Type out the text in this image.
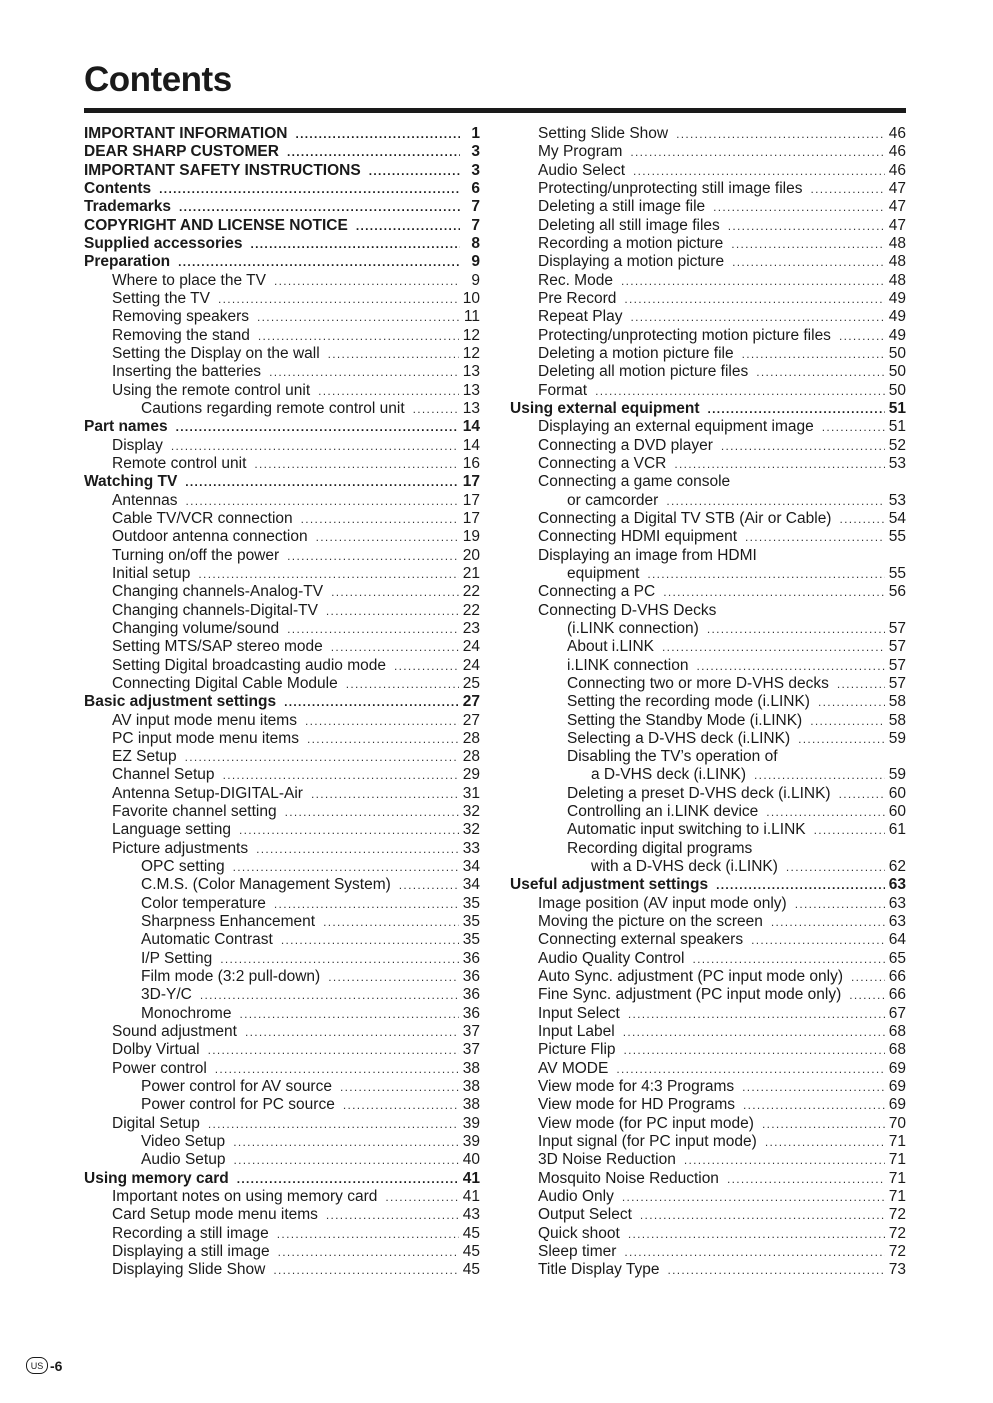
Contents
IMPORTANT INFORMATION .....	1
DEAR SHARP CUSTOMER .....	3
IMPORTANT SAFETY INSTRUCTIONS .....	3
Contents .....	6
Trademarks .....	7
COPYRIGHT AND LICENSE NOTICE .....	7
Supplied accessories .....	8
Preparation .....	9
Where to place the TV .....	9
Setting the TV .....	10
Removing speakers .....	11
Removing the stand .....	12
Setting the Display on the wall .....	12
Inserting the batteries .....	13
Using the remote control unit .....	13
Cautions regarding remote control unit .....	13
Part names .....	14
Display .....	14
Remote control unit .....	16
Watching TV .....	17
Antennas .....	17
Cable TV/VCR connection .....	17
Outdoor antenna connection .....	19
Turning on/off the power .....	20
Initial setup .....	21
Changing channels-Analog-TV .....	22
Changing channels-Digital-TV .....	22
Changing volume/sound .....	23
Setting MTS/SAP stereo mode .....	24
Setting Digital broadcasting audio mode .....	24
Connecting Digital Cable Module .....	25
Basic adjustment settings .....	27
AV input mode menu items .....	27
PC input mode menu items .....	28
EZ Setup .....	28
Channel Setup .....	29
Antenna Setup-DIGITAL-Air .....	31
Favorite channel setting .....	32
Language setting .....	32
Picture adjustments .....	33
OPC setting .....	34
C.M.S. (Color Management System) .....	34
Color temperature .....	35
Sharpness Enhancement .....	35
Automatic Contrast .....	35
I/P Setting .....	36
Film mode (3:2 pull-down) .....	36
3D-Y/C .....	36
Monochrome .....	36
Sound adjustment .....	37
Dolby Virtual .....	37
Power control .....	38
Power control for AV source .....	38
Power control for PC source .....	38
Digital Setup .....	39
Video Setup .....	39
Audio Setup .....	40
Using memory card .....	41
Important notes on using memory card .....	41
Card Setup mode menu items .....	43
Recording a still image .....	45
Displaying a still image .....	45
Displaying Slide Show .....	45
Setting Slide Show .....	46
My Program .....	46
Audio Select .....	46
Protecting/unprotecting still image files .....	47
Deleting a still image file .....	47
Deleting all still image files .....	47
Recording a motion picture .....	48
Displaying a motion picture .....	48
Rec. Mode .....	48
Pre Record .....	49
Repeat Play .....	49
Protecting/unprotecting motion picture files .....	49
Deleting a motion picture file .....	50
Deleting all motion picture files .....	50
Format .....	50
Using external equipment .....	51
Displaying an external equipment image .....	51
Connecting a DVD player .....	52
Connecting a VCR .....	53
Connecting a game console
or camcorder .....	53
Connecting a Digital TV STB (Air or Cable) .....	54
Connecting HDMI equipment .....	55
Displaying an image from HDMI
equipment .....	55
Connecting a PC .....	56
Connecting D-VHS Decks
(i.LINK connection) .....	57
About i.LINK .....	57
i.LINK connection .....	57
Connecting two or more D-VHS decks .....	57
Setting the recording mode (i.LINK) .....	58
Setting the Standby Mode (i.LINK) .....	58
Selecting a D-VHS deck (i.LINK) .....	59
Disabling the TV’s operation of
a D-VHS deck (i.LINK) .....	59
Deleting a preset D-VHS deck (i.LINK) .....	60
Controlling an i.LINK device .....	60
Automatic input switching to i.LINK .....	61
Recording digital programs
with a D-VHS deck (i.LINK) .....	62
Useful adjustment settings .....	63
Image position (AV input mode only) .....	63
Moving the picture on the screen .....	63
Connecting external speakers .....	64
Audio Quality Control .....	65
Auto Sync. adjustment (PC input mode only) .....	66
Fine Sync. adjustment (PC input mode only) .....	66
Input Select .....	67
Input Label .....	68
Picture Flip .....	68
AV MODE .....	69
View mode for 4:3 Programs .....	69
View mode for HD Programs .....	69
View mode (for PC input mode) .....	70
Input signal (for PC input mode) .....	71
3D Noise Reduction .....	71
Mosquito Noise Reduction .....	71
Audio Only .....	71
Output Select .....	72
Quick shoot .....	72
Sleep timer .....	72
Title Display Type .....	73
US -6
